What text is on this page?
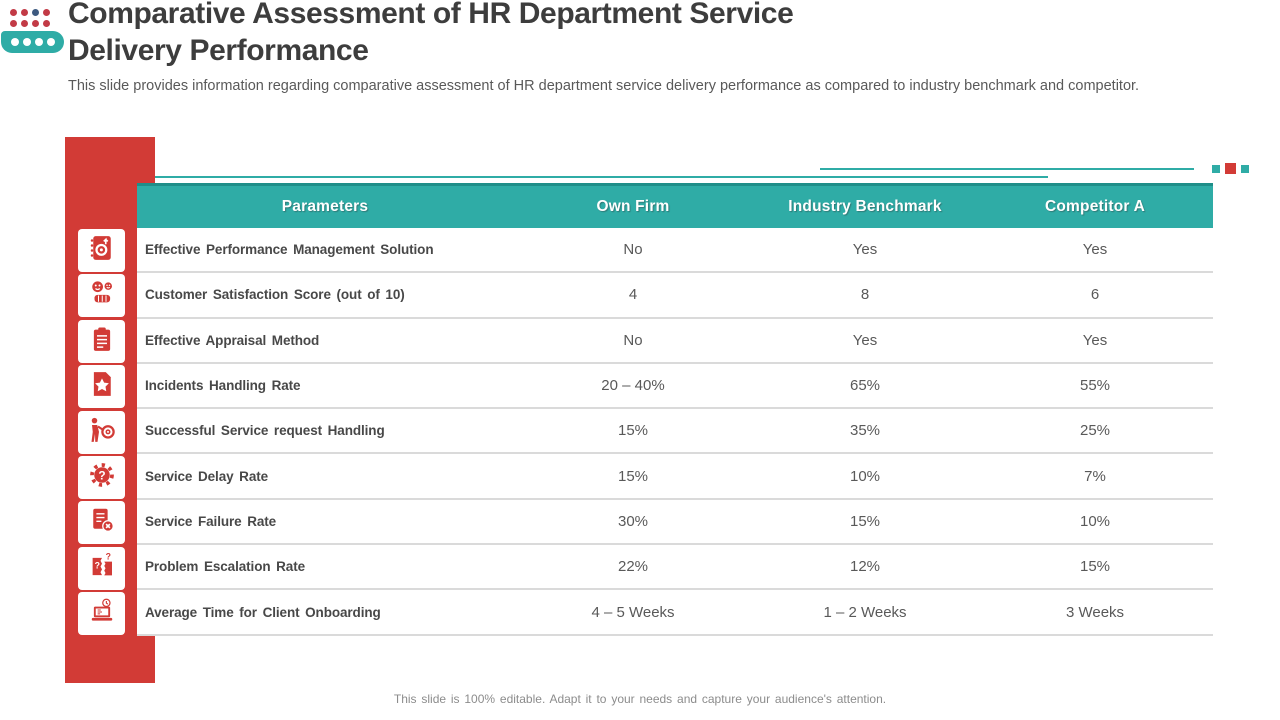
Comparative Assessment of HR Department Service Delivery Performance
This slide provides information regarding comparative assessment of HR department service delivery performance as compared to industry benchmark and competitor.
?
?
?
Parameters	Own Firm	Industry Benchmark	Competitor A
Effective Performance Management Solution	No	Yes	Yes
Customer Satisfaction Score (out of 10)	4	8	6
Effective Appraisal Method	No	Yes	Yes
Incidents Handling Rate	20 – 40%	65%	55%
Successful Service request Handling	15%	35%	25%
Service Delay Rate	15%	10%	7%
Service Failure Rate	30%	15%	10%
Problem Escalation Rate	22%	12%	15%
Average Time for Client Onboarding	4 – 5 Weeks	1 – 2 Weeks	3 Weeks
This slide is 100% editable. Adapt it to your needs and capture your audience's attention.
